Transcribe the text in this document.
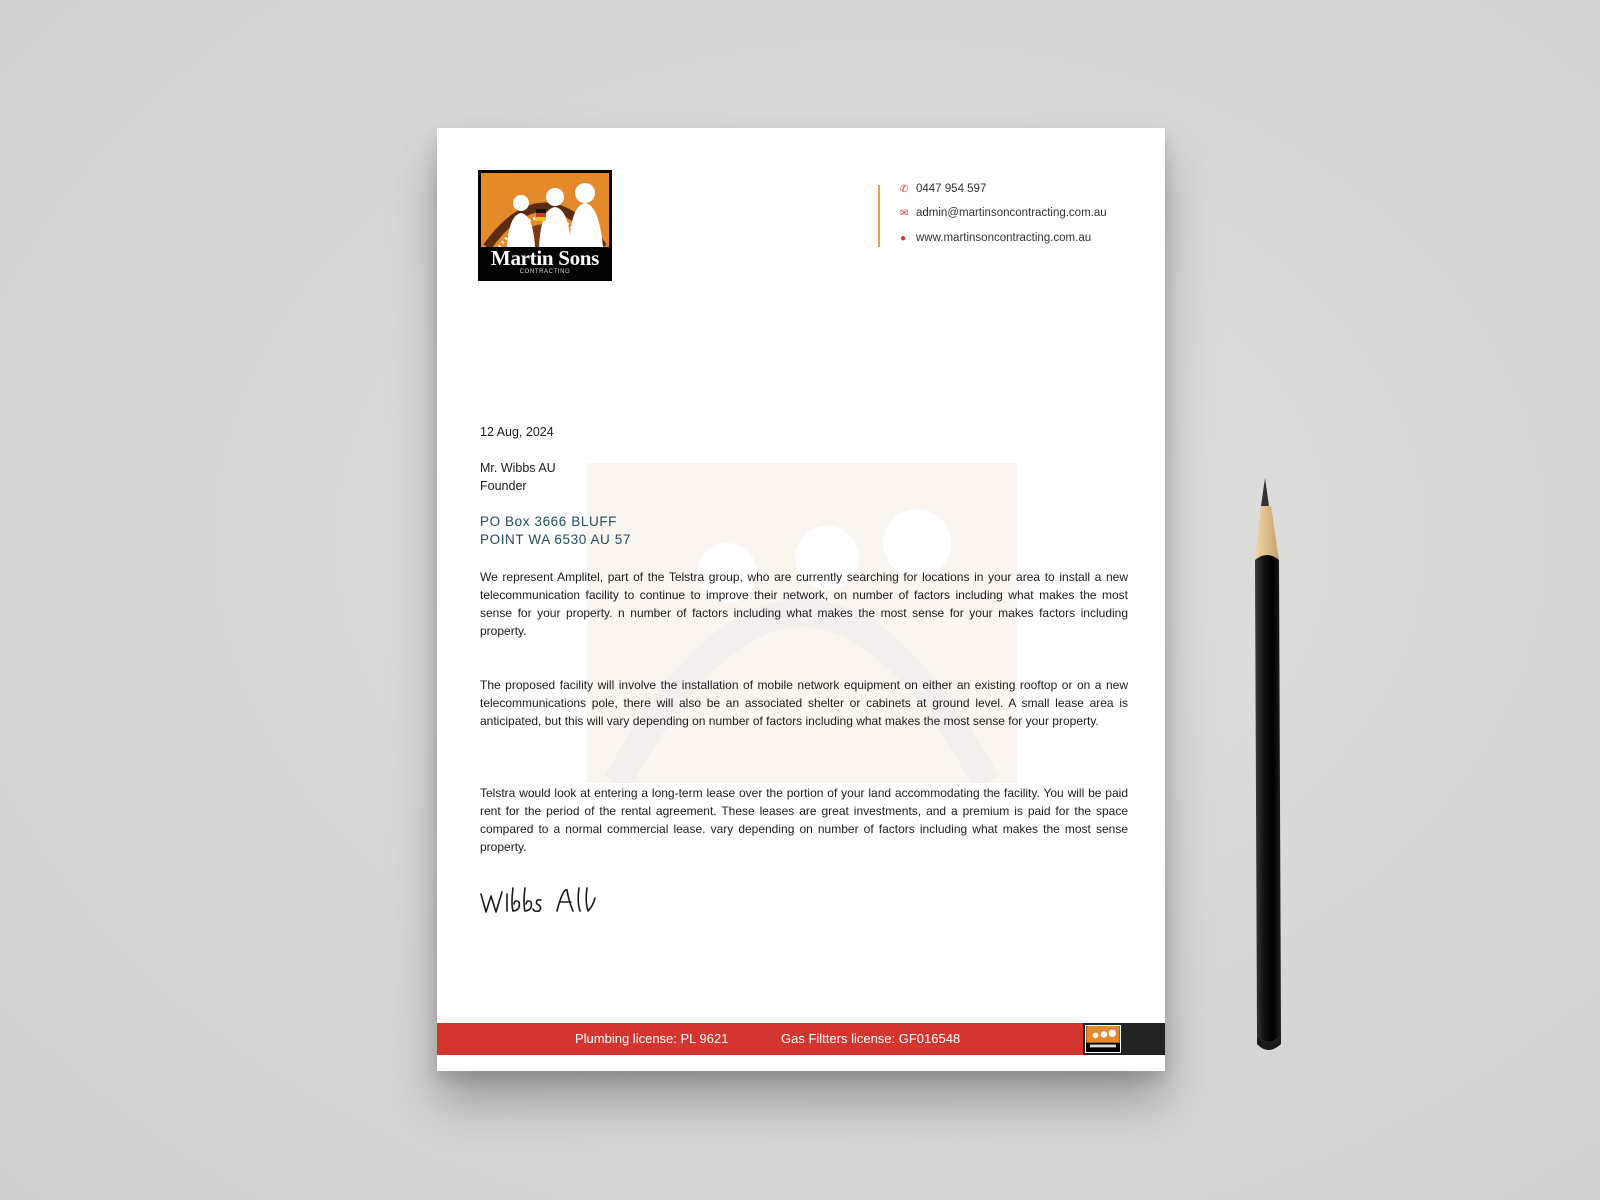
Martin Sons
CONTRACTING
✆ 0447 954 597
✉ admin@martinsoncontracting.com.au
● www.martinsoncontracting.com.au
12 Aug, 2024
Mr. Wibbs AU
Founder
PO Box 3666 BLUFF
POINT WA 6530 AU 57
We represent Amplitel, part of the Telstra group, who are currently searching for locations in your area to install a new telecommunication facility to continue to improve their network, on number of factors including what makes the most sense for your property. n number of factors including what makes the most sense for your makes factors including property.
The proposed facility will involve the installation of mobile network equipment on either an existing rooftop or on a new telecommunications pole, there will also be an associated shelter or cabinets at ground level. A small lease area is anticipated, but this will vary depending on number of factors including what makes the most sense for your property.
Telstra would look at entering a long-term lease over the portion of your land accommodating the facility. You will be paid rent for the period of the rental agreement. These leases are great investments, and a premium is paid for the space compared to a normal commercial lease. vary depending on number of factors including what makes the most sense property.
Plumbing license: PL 9621	Gas Filtters license: GF016548
